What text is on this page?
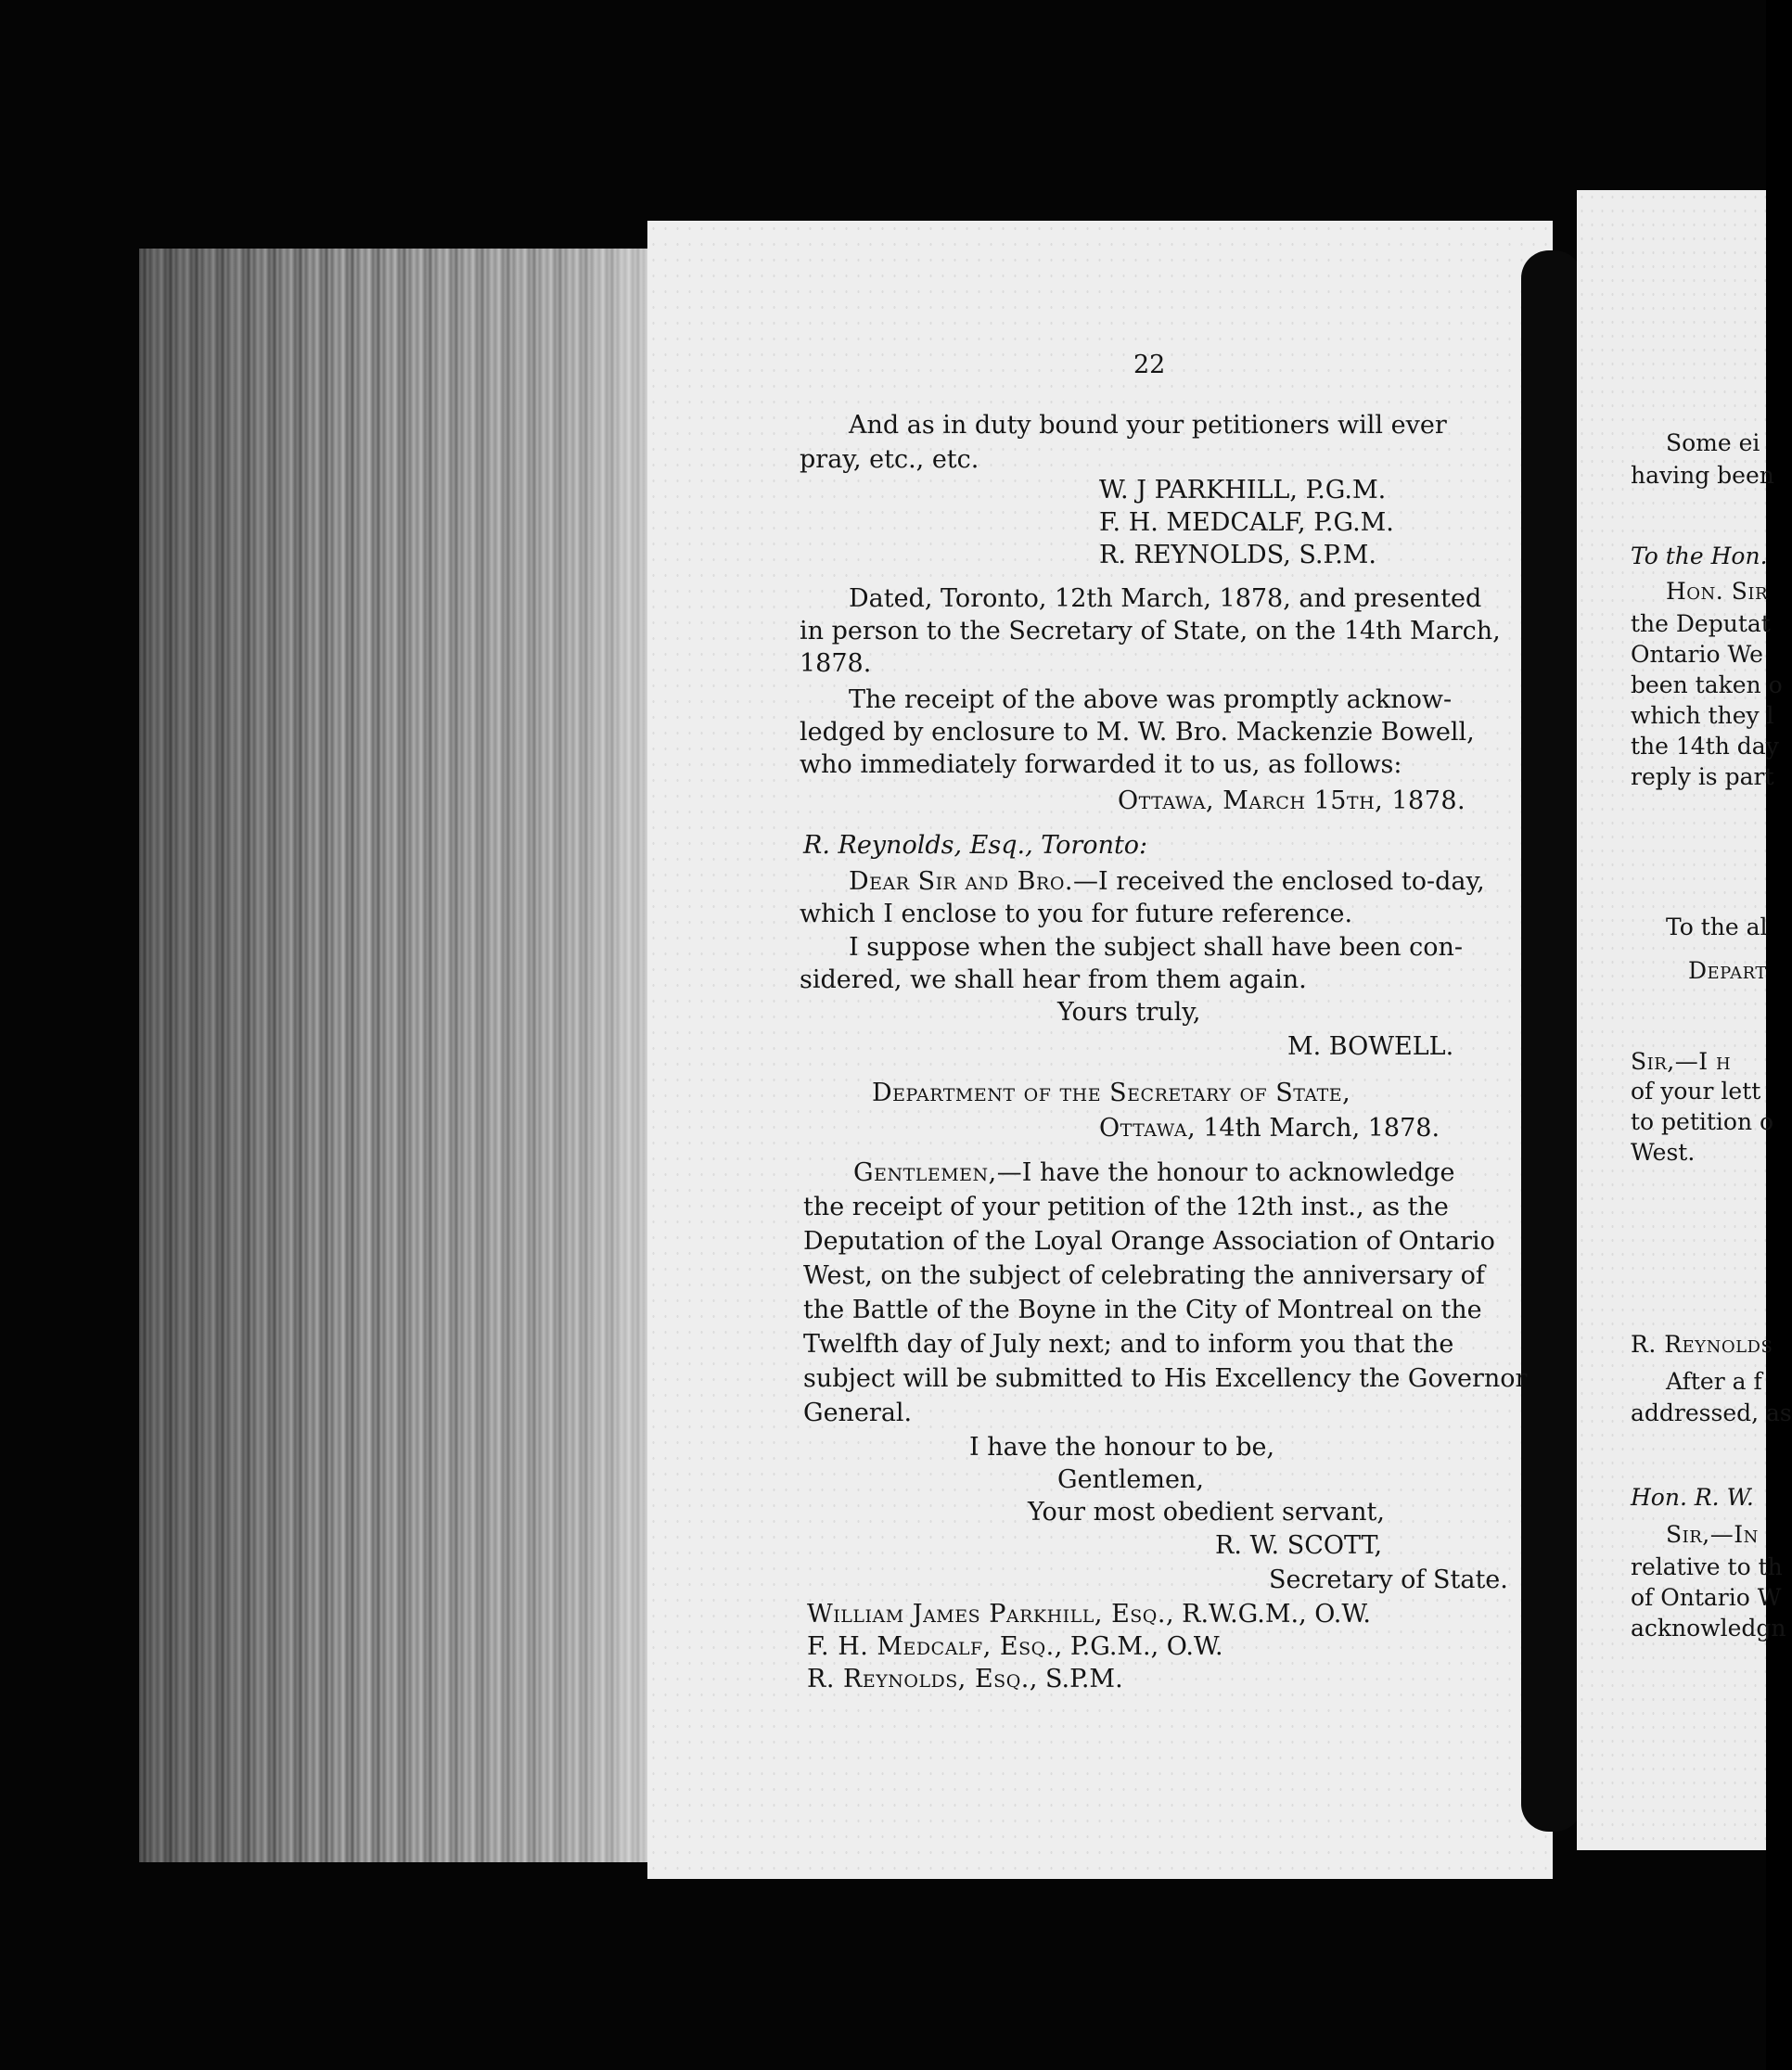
Some ei
having been
To the Hon.
Hon. Sir
the Deputat
Ontario We
been taken o
which they l
the 14th day
reply is part
To the al
Depart
Sir,—I h
of your lett
to petition o
West.
R. Reynolds
After a f
addressed, as
Hon. R. W.
Sir,—In
relative to th
of Ontario W
acknowledgn
22
And as in duty bound your petitioners will ever
pray, etc., etc.
W. J PARKHILL, P.G.M.
F. H. MEDCALF, P.G.M.
R. REYNOLDS, S.P.M.
Dated, Toronto, 12th March, 1878, and presented
in person to the Secretary of State, on the 14th March,
1878.
The receipt of the above was promptly acknow-
ledged by enclosure to M. W. Bro. Mackenzie Bowell,
who immediately forwarded it to us, as follows:
Ottawa, March 15th, 1878.
R. Reynolds, Esq., Toronto:
Dear Sir and Bro.—I received the enclosed to-day,
which I enclose to you for future reference.
I suppose when the subject shall have been con-
sidered, we shall hear from them again.
Yours truly,
M. BOWELL.
Department of the Secretary of State,
Ottawa, 14th March, 1878.
Gentlemen,—I have the honour to acknowledge
the receipt of your petition of the 12th inst., as the
Deputation of the Loyal Orange Association of Ontario
West, on the subject of celebrating the anniversary of
the Battle of the Boyne in the City of Montreal on the
Twelfth day of July next; and to inform you that the
subject will be submitted to His Excellency the Governor
General.
I have the honour to be,
Gentlemen,
Your most obedient servant,
R. W. SCOTT,
Secretary of State.
William James Parkhill, Esq., R.W.G.M., O.W.
F. H. Medcalf, Esq., P.G.M., O.W.
R. Reynolds, Esq., S.P.M.
